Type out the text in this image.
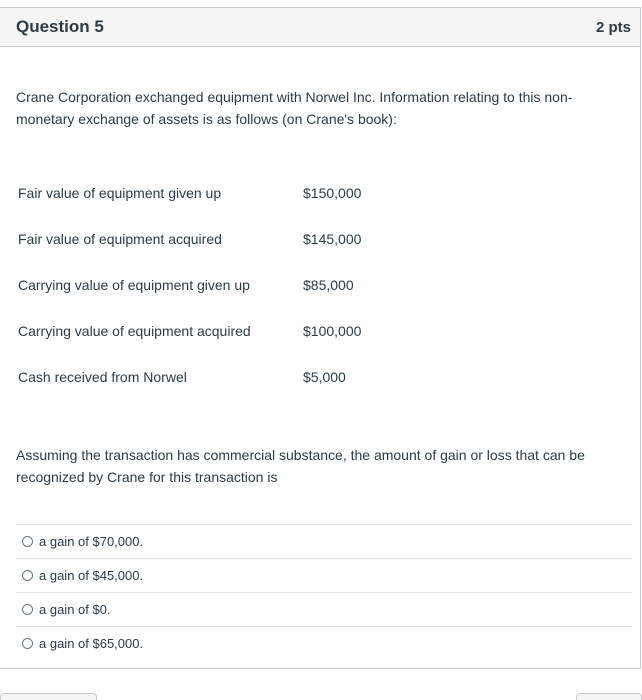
Question 5	2 pts
Crane Corporation exchanged equipment with Norwel Inc. Information relating to this non-monetary exchange of assets is as follows (on Crane's book):
Fair value of equipment given up	$150,000
Fair value of equipment acquired	$145,000
Carrying value of equipment given up	$85,000
Carrying value of equipment acquired	$100,000
Cash received from Norwel	$5,000
Assuming the transaction has commercial substance, the amount of gain or loss that can be recognized by Crane for this transaction is
a gain of $70,000.
a gain of $45,000.
a gain of $0.
a gain of $65,000.
